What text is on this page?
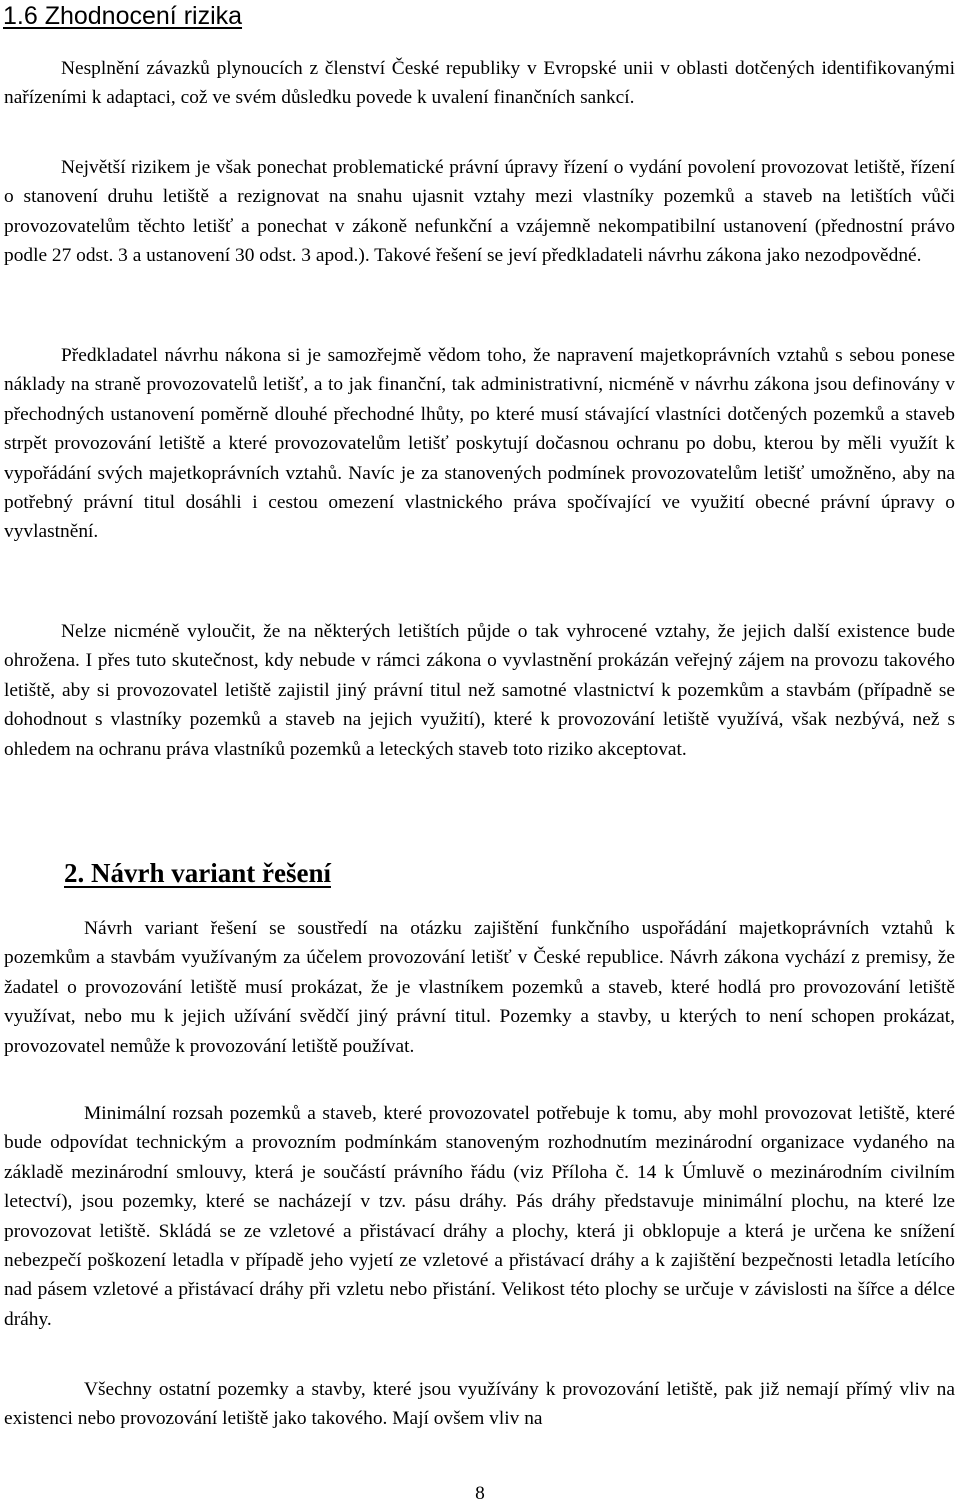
1.6 Zhodnocení rizika

Nesplnění závazků plynoucích z členství České republiky v Evropské unii v oblasti dotčených identifikovanými nařízeními k adaptaci, což ve svém důsledku povede k uvalení finančních sankcí.

Největší rizikem je však ponechat problematické právní úpravy řízení o vydání povolení provozovat letiště, řízení o stanovení druhu letiště a rezignovat na snahu ujasnit vztahy mezi vlastníky pozemků a staveb na letištích vůči provozovatelům těchto letišť a ponechat v zákoně nefunkční a vzájemně nekompatibilní ustanovení (přednostní právo podle 27 odst. 3 a ustanovení 30 odst. 3 apod.). Takové řešení se jeví předkladateli návrhu zákona jako nezodpovědné.

Předkladatel návrhu nákona si je samozřejmě vědom toho, že napravení majetkoprávních vztahů s sebou ponese náklady na straně provozovatelů letišť, a to jak finanční, tak administrativní, nicméně v návrhu zákona jsou definovány v přechodných ustanovení poměrně dlouhé přechodné lhůty, po které musí stávající vlastníci dotčených pozemků a staveb strpět provozování letiště a které provozovatelům letišť poskytují dočasnou ochranu po dobu, kterou by měli využít k vypořádání svých majetkoprávních vztahů. Navíc je za stanovených podmínek provozovatelům letišť umožněno, aby na potřebný právní titul dosáhli i cestou omezení vlastnického práva spočívající ve využití obecné právní úpravy o vyvlastnění.

Nelze nicméně vyloučit, že na některých letištích půjde o tak vyhrocené vztahy, že jejich další existence bude ohrožena. I přes tuto skutečnost, kdy nebude v rámci zákona o vyvlastnění prokázán veřejný zájem na provozu takového letiště, aby si provozovatel letiště zajistil jiný právní titul než samotné vlastnictví k pozemkům a stavbám (případně se dohodnout s vlastníky pozemků a staveb na jejich využití), které k provozování letiště využívá, však nezbývá, než s ohledem na ochranu práva vlastníků pozemků a leteckých staveb toto riziko akceptovat.

2. Návrh variant řešení

Návrh variant řešení se soustředí na otázku zajištění funkčního uspořádání majetkoprávních vztahů k pozemkům a stavbám využívaným za účelem provozování letišť v České republice. Návrh zákona vychází z premisy, že žadatel o provozování letiště musí prokázat, že je vlastníkem pozemků a staveb, které hodlá pro provozování letiště využívat, nebo mu k jejich užívání svědčí jiný právní titul. Pozemky a stavby, u kterých to není schopen prokázat, provozovatel nemůže k provozování letiště používat.

Minimální rozsah pozemků a staveb, které provozovatel potřebuje k tomu, aby mohl provozovat letiště, které bude odpovídat technickým a provozním podmínkám stanoveným rozhodnutím mezinárodní organizace vydaného na základě mezinárodní smlouvy, která je součástí právního řádu (viz Příloha č. 14 k Úmluvě o mezinárodním civilním letectví), jsou pozemky, které se nacházejí v tzv. pásu dráhy. Pás dráhy představuje minimální plochu, na které lze provozovat letiště. Skládá se ze vzletové a přistávací dráhy a plochy, která ji obklopuje a která je určena ke snížení nebezpečí poškození letadla v případě jeho vyjetí ze vzletové a přistávací dráhy a k zajištění bezpečnosti letadla letícího nad pásem vzletové a přistávací dráhy při vzletu nebo přistání. Velikost této plochy se určuje v závislosti na šířce a délce dráhy.

Všechny ostatní pozemky a stavby, které jsou využívány k provozování letiště, pak již nemají přímý vliv na existenci nebo provozování letiště jako takového. Mají ovšem vliv na

8
